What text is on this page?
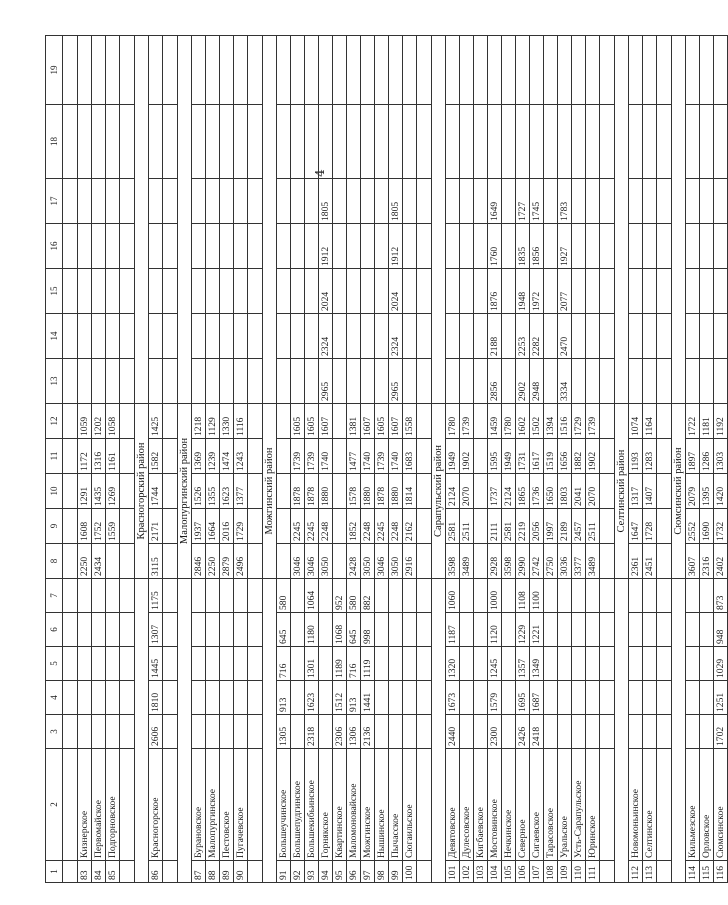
4
1	2	3	4	5	6	7	8	9	10	11	12	13	14	15	16	17	18	19

83	Кизнерское						2250	1608	1291	1172	1059							
84	Первомайское						2434	1752	1435	1316	1202							
85	Подгорновское							1559	1269	1161	1058							

							Красногорский район											
86	Красногорское	2606	1810	1445	1307	1175	3115	2171	1744	1582	1425							

							Малопургинский район											
87	Бурановское						2846	1937	1526	1369	1218							
88	Малопургинское						2250	1664	1355	1239	1129							
89	Пестовское						2879	2016	1623	1474	1330							
90	Пугачевское						2496	1729	1377	1243	1116							

							Можгинский район											
91	Большеучинское	1305	913	716	645	580												
92	Большепудгинское						3046	2245	1878	1739	1605							
93	Большекибьинское	2318	1623	1301	1180	1064	3046	2245	1878	1739	1605							
94	Горнякское						3050	2248	1880	1740	1607	2965	2324	2024	1912	1805		
95	Квартинское	2306	1512	1189	1068	952												
96	Маломоновайское	1306	913	716	645	580	2428	1852	1578	1477	1381							
97	Можгинское	2136	1441	1119	998	882	3050	2248	1880	1740	1607							
98	Нышинское						3046	2245	1878	1739	1605							
99	Пычасское						3050	2248	1880	1740	1607	2965	2324	2024	1912	1805		
100	Сюгаильское						2916	2162	1814	1683	1558							

							Сарапульский район											
101	Девятовское	2440	1673	1320	1187	1060	3598	2581	2124	1949	1780							
102	Дулесовское						3489	2511	2070	1902	1739							
103	Кигбаевское																	
104	Мостовинское	2300	1579	1245	1120	1000	2928	2111	1737	1595	1459	2856	2188	1876	1760	1649		
105	Нечкинское						3598	2581	2124	1949	1780							
106	Северное	2426	1695	1357	1229	1108	2990	2219	1865	1731	1602	2902	2253	1948	1835	1727		
107	Сигаевское	2418	1687	1349	1221	1100	2742	2056	1736	1617	1502	2948	2282	1972	1856	1745		
108	Тарасовское						2750	1997	1650	1519	1394							
109	Уральское						3036	2189	1803	1656	1516	3334	2470	2077	1927	1783		
110	Усть-Сарапульское						3377	2457	2041	1882	1729							
111	Юринское						3489	2511	2070	1902	1739							

							Селтинский район											
112	Новомоньинское						2361	1647	1317	1193	1074							
113	Селтинское						2451	1728	1407	1283	1164							

							Сюмсинский район											
114	Кильмезское						3607	2552	2079	1897	1722							
115	Орловское						2316	1690	1395	1286	1181							
116	Сюмсинское	1702	1251	1029	948	873	2402	1732	1420	1303	1192							
